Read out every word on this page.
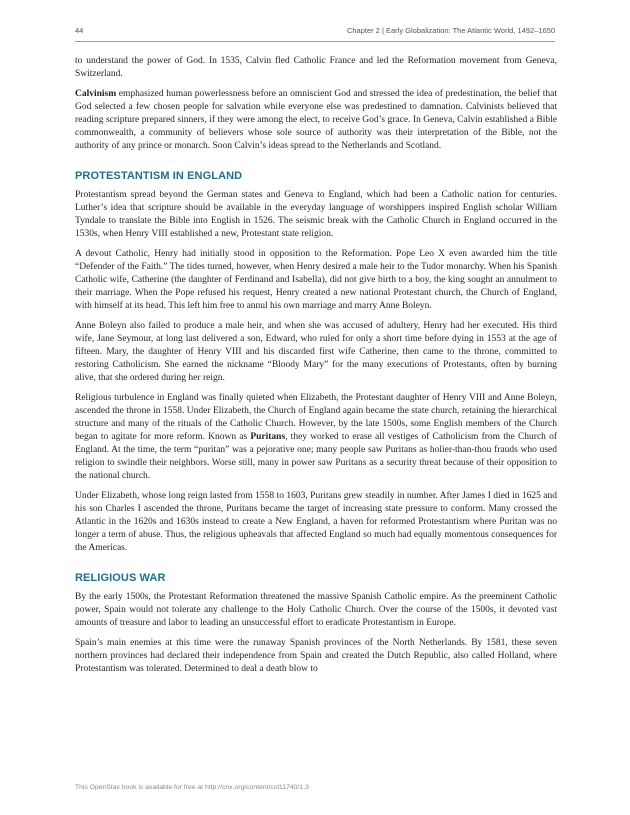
44	Chapter 2 | Early Globalization: The Atlantic World, 1492–1650

to understand the power of God. In 1535, Calvin fled Catholic France and led the Reformation movement from Geneva, Switzerland.

Calvinism emphasized human powerlessness before an omniscient God and stressed the idea of predestination, the belief that God selected a few chosen people for salvation while everyone else was predestined to damnation. Calvinists believed that reading scripture prepared sinners, if they were among the elect, to receive God’s grace. In Geneva, Calvin established a Bible commonwealth, a community of believers whose sole source of authority was their interpretation of the Bible, not the authority of any prince or monarch. Soon Calvin’s ideas spread to the Netherlands and Scotland.

PROTESTANTISM IN ENGLAND

Protestantism spread beyond the German states and Geneva to England, which had been a Catholic nation for centuries. Luther’s idea that scripture should be available in the everyday language of worshippers inspired English scholar William Tyndale to translate the Bible into English in 1526. The seismic break with the Catholic Church in England occurred in the 1530s, when Henry VIII established a new, Protestant state religion.

A devout Catholic, Henry had initially stood in opposition to the Reformation. Pope Leo X even awarded him the title “Defender of the Faith.” The tides turned, however, when Henry desired a male heir to the Tudor monarchy. When his Spanish Catholic wife, Catherine (the daughter of Ferdinand and Isabella), did not give birth to a boy, the king sought an annulment to their marriage. When the Pope refused his request, Henry created a new national Protestant church, the Church of England, with himself at its head. This left him free to annul his own marriage and marry Anne Boleyn.

Anne Boleyn also failed to produce a male heir, and when she was accused of adultery, Henry had her executed. His third wife, Jane Seymour, at long last delivered a son, Edward, who ruled for only a short time before dying in 1553 at the age of fifteen. Mary, the daughter of Henry VIII and his discarded first wife Catherine, then came to the throne, committed to restoring Catholicism. She earned the nickname “Bloody Mary” for the many executions of Protestants, often by burning alive, that she ordered during her reign.

Religious turbulence in England was finally quieted when Elizabeth, the Protestant daughter of Henry VIII and Anne Boleyn, ascended the throne in 1558. Under Elizabeth, the Church of England again became the state church, retaining the hierarchical structure and many of the rituals of the Catholic Church. However, by the late 1500s, some English members of the Church began to agitate for more reform. Known as Puritans, they worked to erase all vestiges of Catholicism from the Church of England. At the time, the term “puritan” was a pejorative one; many people saw Puritans as holier-than-thou frauds who used religion to swindle their neighbors. Worse still, many in power saw Puritans as a security threat because of their opposition to the national church.

Under Elizabeth, whose long reign lasted from 1558 to 1603, Puritans grew steadily in number. After James I died in 1625 and his son Charles I ascended the throne, Puritans became the target of increasing state pressure to conform. Many crossed the Atlantic in the 1620s and 1630s instead to create a New England, a haven for reformed Protestantism where Puritan was no longer a term of abuse. Thus, the religious upheavals that affected England so much had equally momentous consequences for the Americas.

RELIGIOUS WAR

By the early 1500s, the Protestant Reformation threatened the massive Spanish Catholic empire. As the preeminent Catholic power, Spain would not tolerate any challenge to the Holy Catholic Church. Over the course of the 1500s, it devoted vast amounts of treasure and labor to leading an unsuccessful effort to eradicate Protestantism in Europe.

Spain’s main enemies at this time were the runaway Spanish provinces of the North Netherlands. By 1581, these seven northern provinces had declared their independence from Spain and created the Dutch Republic, also called Holland, where Protestantism was tolerated. Determined to deal a death blow to

This OpenStax book is available for free at http://cnx.org/content/col11740/1.3
